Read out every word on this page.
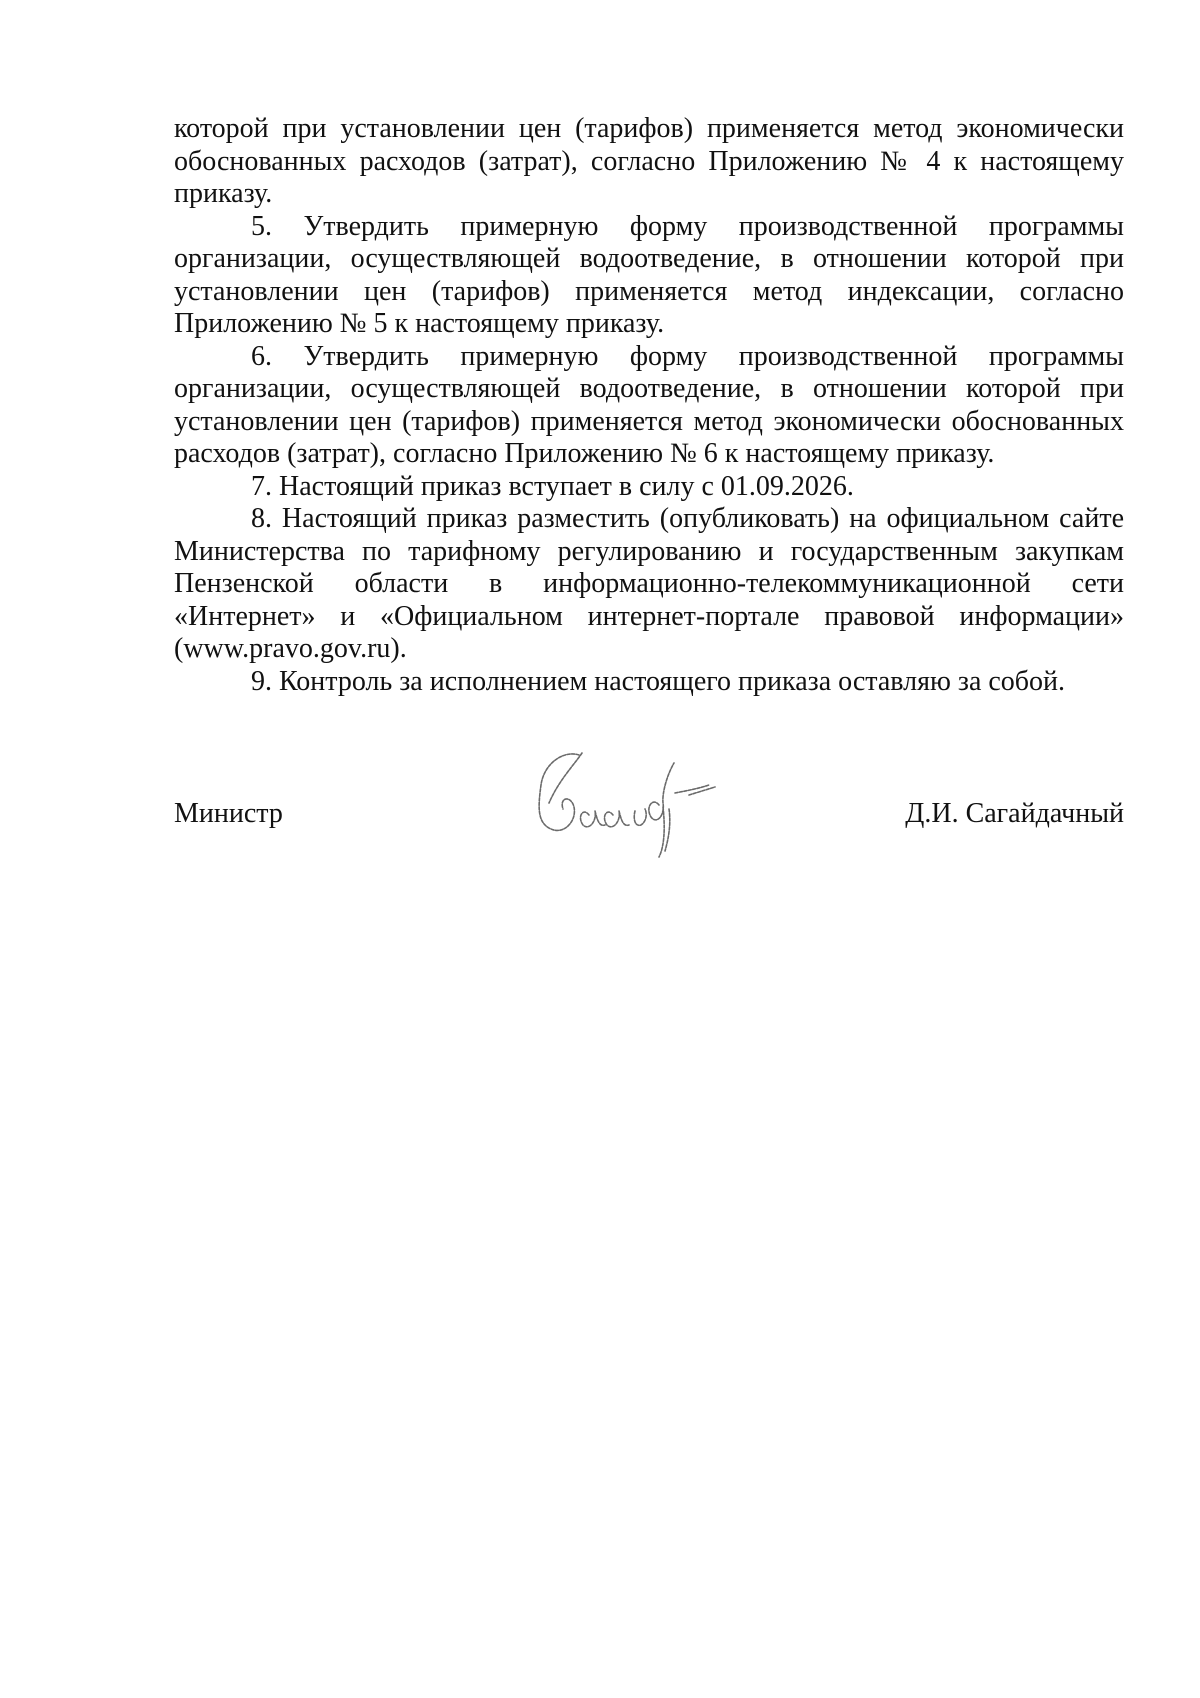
которой при установлении цен (тарифов) применяется метод экономически обоснованных расходов (затрат), согласно Приложению № 4 к настоящему приказу.

5. Утвердить примерную форму производственной программы организации, осуществляющей водоотведение, в отношении которой при установлении цен (тарифов) применяется метод индексации, согласно Приложению № 5 к настоящему приказу.

6. Утвердить примерную форму производственной программы организации, осуществляющей водоотведение, в отношении которой при установлении цен (тарифов) применяется метод экономически обоснованных расходов (затрат), согласно Приложению № 6 к настоящему приказу.

7. Настоящий приказ вступает в силу с 01.09.2026.

8. Настоящий приказ разместить (опубликовать) на официальном сайте Министерства по тарифному регулированию и государственным закупкам Пензенской области в информационно-телекоммуникационной сети «Интернет» и «Официальном интернет-портале правовой информации» (www.pravo.gov.ru).

9. Контроль за исполнением настоящего приказа оставляю за собой.

Министр	Д.И. Сагайдачный
